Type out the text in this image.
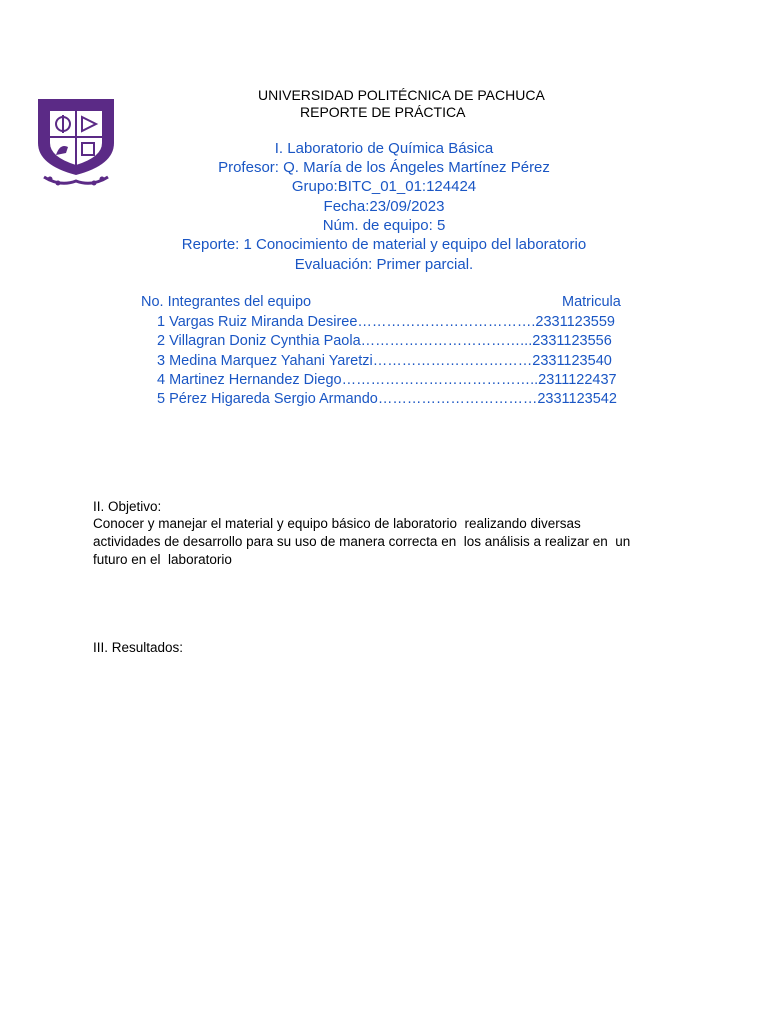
UNIVERSIDAD POLITÉCNICA DE PACHUCA
REPORTE DE PRÁCTICA
I. Laboratorio de Química Básica
Profesor: Q. María de los Ángeles Martínez Pérez
Grupo:BITC_01_01:124424
Fecha:23/09/2023
Núm. de equipo: 5
Reporte: 1 Conocimiento de material y equipo del laboratorio
Evaluación: Primer parcial.
No. Integrantes del equipo	Matricula
1 Vargas Ruiz Miranda Desiree……………………………….2331123559
2 Villagran Doniz Cynthia Paola……………………………...2331123556
3 Medina Marquez Yahani Yaretzi……………………………2331123540
4 Martinez Hernandez Diego…………………………………..2311122437
5 Pérez Higareda Sergio Armando……………………………2331123542
II. Objetivo:
Conocer y manejar el material y equipo básico de laboratorio  realizando diversas
actividades de desarrollo para su uso de manera correcta en  los análisis a realizar en  un
futuro en el  laboratorio
III. Resultados:
